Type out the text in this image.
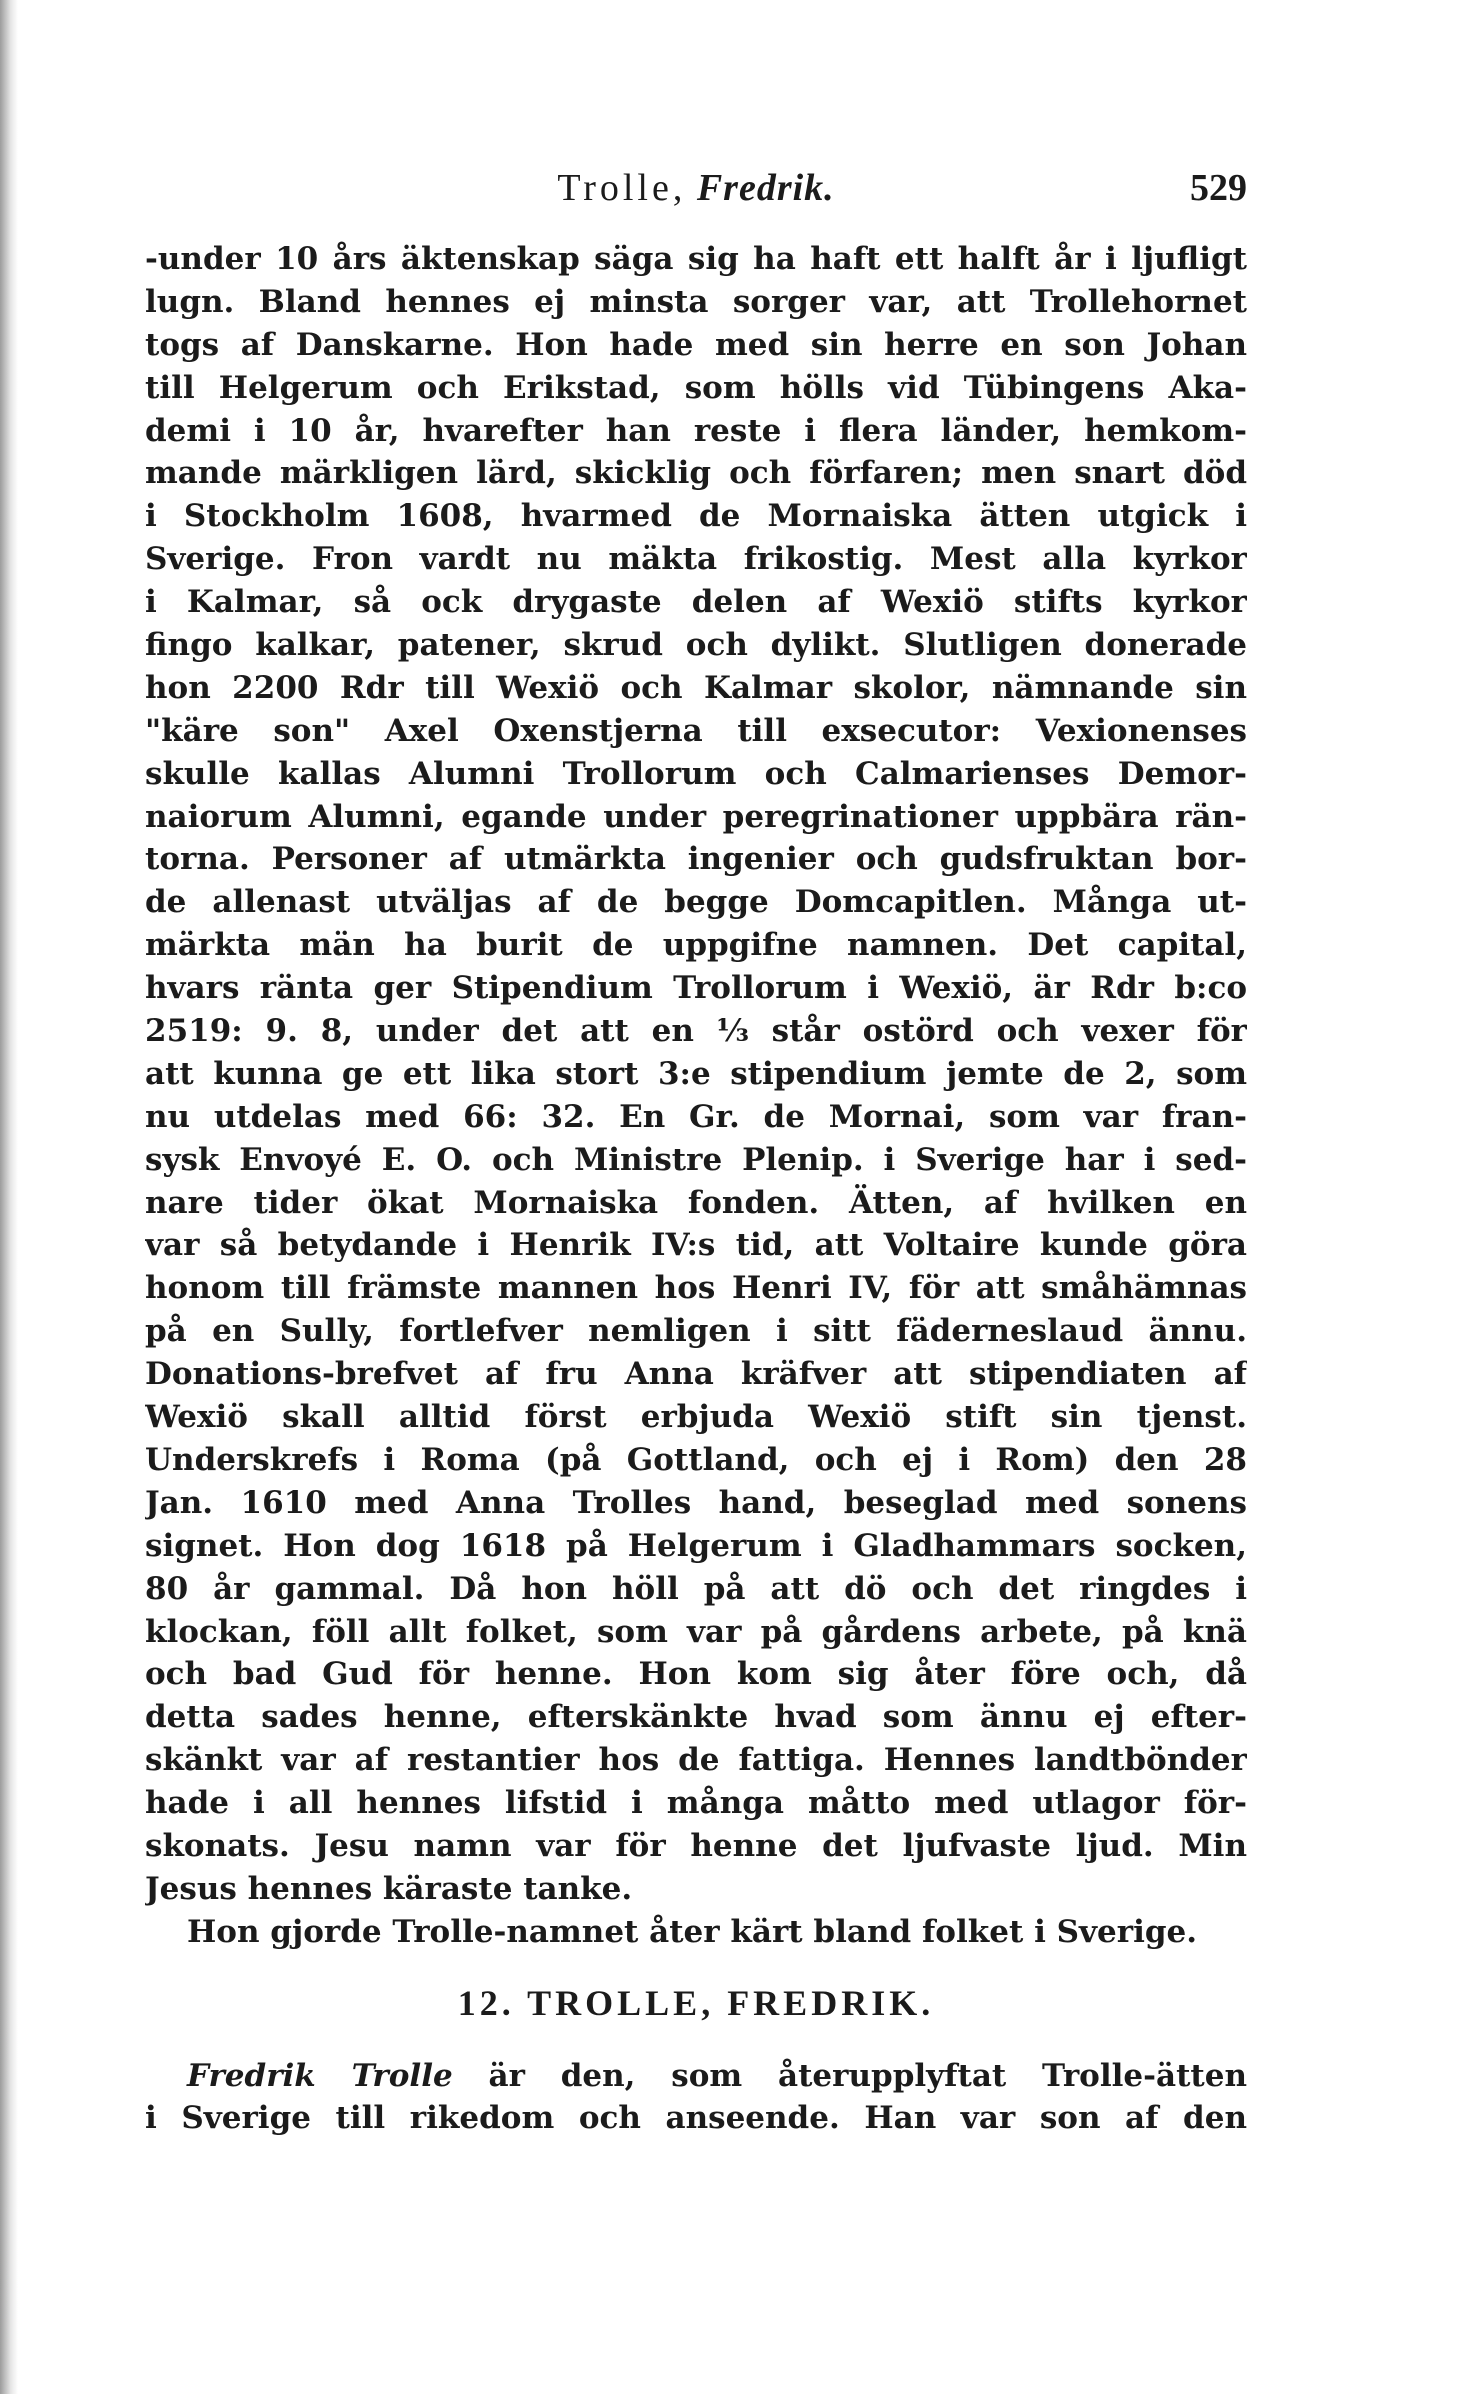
Trolle, Fredrik.	529
-under 10 års äktenskap säga sig ha haft ett halft år i ljufligt
lugn. Bland hennes ej minsta sorger var, att Trollehornet
togs af Danskarne. Hon hade med sin herre en son Johan
till Helgerum och Erikstad, som hölls vid Tübingens Aka-
demi i 10 år, hvarefter han reste i flera länder, hemkom-
mande märkligen lärd, skicklig och förfaren; men snart död
i Stockholm 1608, hvarmed de Mornaiska ätten utgick i
Sverige. Fron vardt nu mäkta frikostig. Mest alla kyrkor
i Kalmar, så ock drygaste delen af Wexiö stifts kyrkor
fingo kalkar, patener, skrud och dylikt. Slutligen donerade
hon 2200 Rdr till Wexiö och Kalmar skolor, nämnande sin
"käre son" Axel Oxenstjerna till exsecutor: Vexionenses
skulle kallas Alumni Trollorum och Calmarienses Demor-
naiorum Alumni, egande under peregrinationer uppbära rän-
torna. Personer af utmärkta ingenier och gudsfruktan bor-
de allenast utväljas af de begge Domcapitlen. Många ut-
märkta män ha burit de uppgifne namnen. Det capital,
hvars ränta ger Stipendium Trollorum i Wexiö, är Rdr b:co
2519: 9. 8, under det att en ⅓ står ostörd och vexer för
att kunna ge ett lika stort 3:e stipendium jemte de 2, som
nu utdelas med 66: 32. En Gr. de Mornai, som var fran-
sysk Envoyé E. O. och Ministre Plenip. i Sverige har i sed-
nare tider ökat Mornaiska fonden. Ätten, af hvilken en
var så betydande i Henrik IV:s tid, att Voltaire kunde göra
honom till främste mannen hos Henri IV, för att småhämnas
på en Sully, fortlefver nemligen i sitt fäderneslaud ännu.
Donations-brefvet af fru Anna kräfver att stipendiaten af
Wexiö skall alltid först erbjuda Wexiö stift sin tjenst.
Underskrefs i Roma (på Gottland, och ej i Rom) den 28
Jan. 1610 med Anna Trolles hand, beseglad med sonens
signet. Hon dog 1618 på Helgerum i Gladhammars socken,
80 år gammal. Då hon höll på att dö och det ringdes i
klockan, föll allt folket, som var på gårdens arbete, på knä
och bad Gud för henne. Hon kom sig åter före och, då
detta sades henne, efterskänkte hvad som ännu ej efter-
skänkt var af restantier hos de fattiga. Hennes landtbönder
hade i all hennes lifstid i många måtto med utlagor för-
skonats. Jesu namn var för henne det ljufvaste ljud. Min
Jesus hennes käraste tanke.
Hon gjorde Trolle-namnet åter kärt bland folket i Sverige.
12. TROLLE, FREDRIK.
Fredrik Trolle är den, som återupplyftat Trolle-ätten
i Sverige till rikedom och anseende. Han var son af den
